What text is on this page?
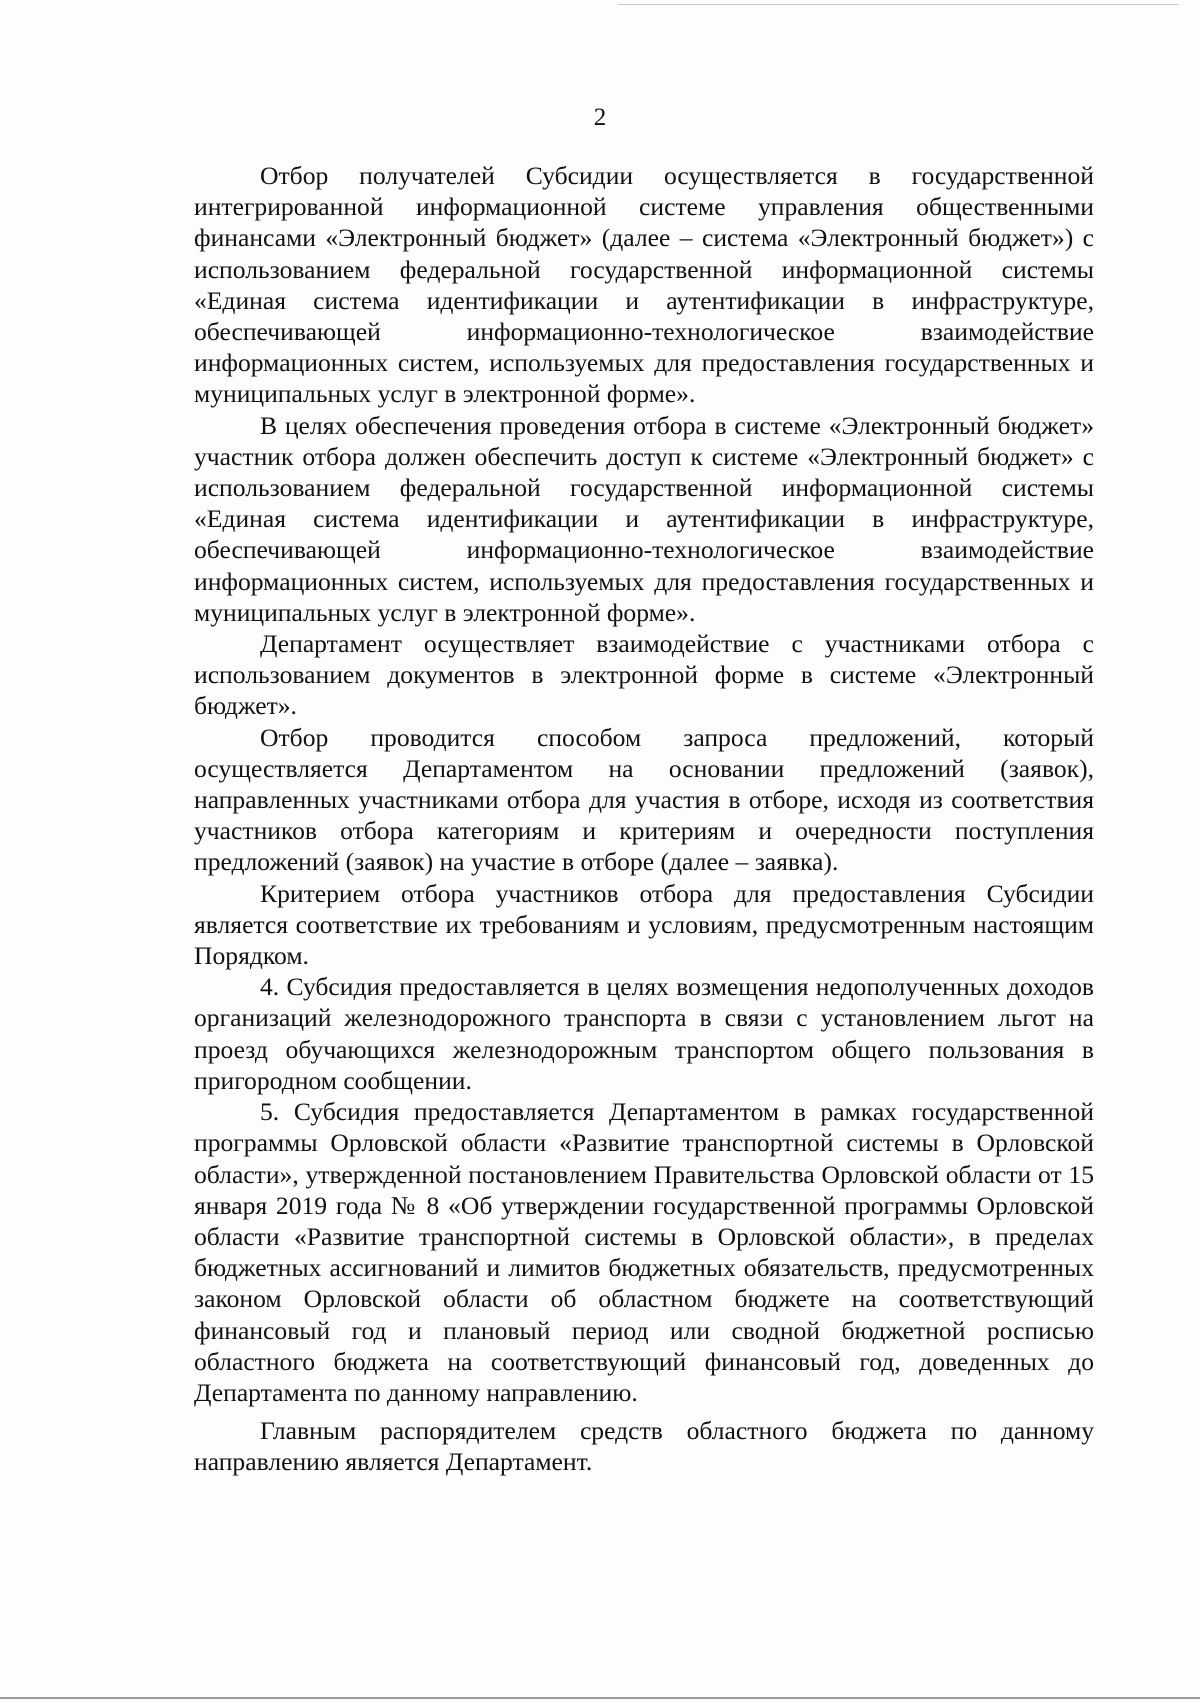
2

Отбор получателей Субсидии осуществляется в государственной интегрированной информационной системе управления общественными финансами «Электронный бюджет» (далее – система «Электронный бюджет») с использованием федеральной государственной информационной системы «Единая система идентификации и аутентификации в инфраструктуре, обеспечивающей информационно-технологическое взаимодействие информационных систем, используемых для предоставления государственных и муниципальных услуг в электронной форме».

В целях обеспечения проведения отбора в системе «Электронный бюджет» участник отбора должен обеспечить доступ к системе «Электронный бюджет» с использованием федеральной государственной информационной системы «Единая система идентификации и аутентификации в инфраструктуре, обеспечивающей информационно-технологическое взаимодействие информационных систем, используемых для предоставления государственных и муниципальных услуг в электронной форме».

Департамент осуществляет взаимодействие с участниками отбора с использованием документов в электронной форме в системе «Электронный бюджет».

Отбор проводится способом запроса предложений, который осуществляется Департаментом на основании предложений (заявок), направленных участниками отбора для участия в отборе, исходя из соответствия участников отбора категориям и критериям и очередности поступления предложений (заявок) на участие в отборе (далее – заявка).

Критерием отбора участников отбора для предоставления Субсидии является соответствие их требованиям и условиям, предусмотренным настоящим Порядком.

4. Субсидия предоставляется в целях возмещения недополученных доходов организаций железнодорожного транспорта в связи с установлением льгот на проезд обучающихся железнодорожным транспортом общего пользования в пригородном сообщении.

5. Субсидия предоставляется Департаментом в рамках государственной программы Орловской области «Развитие транспортной системы в Орловской области», утвержденной постановлением Правительства Орловской области от 15 января 2019 года № 8 «Об утверждении государственной программы Орловской области «Развитие транспортной системы в Орловской области», в пределах бюджетных ассигнований и лимитов бюджетных обязательств, предусмотренных законом Орловской области об областном бюджете на соответствующий финансовый год и плановый период или сводной бюджетной росписью областного бюджета на соответствующий финансовый год, доведенных до Департамента по данному направлению.

Главным распорядителем средств областного бюджета по данному направлению является Департамент.
